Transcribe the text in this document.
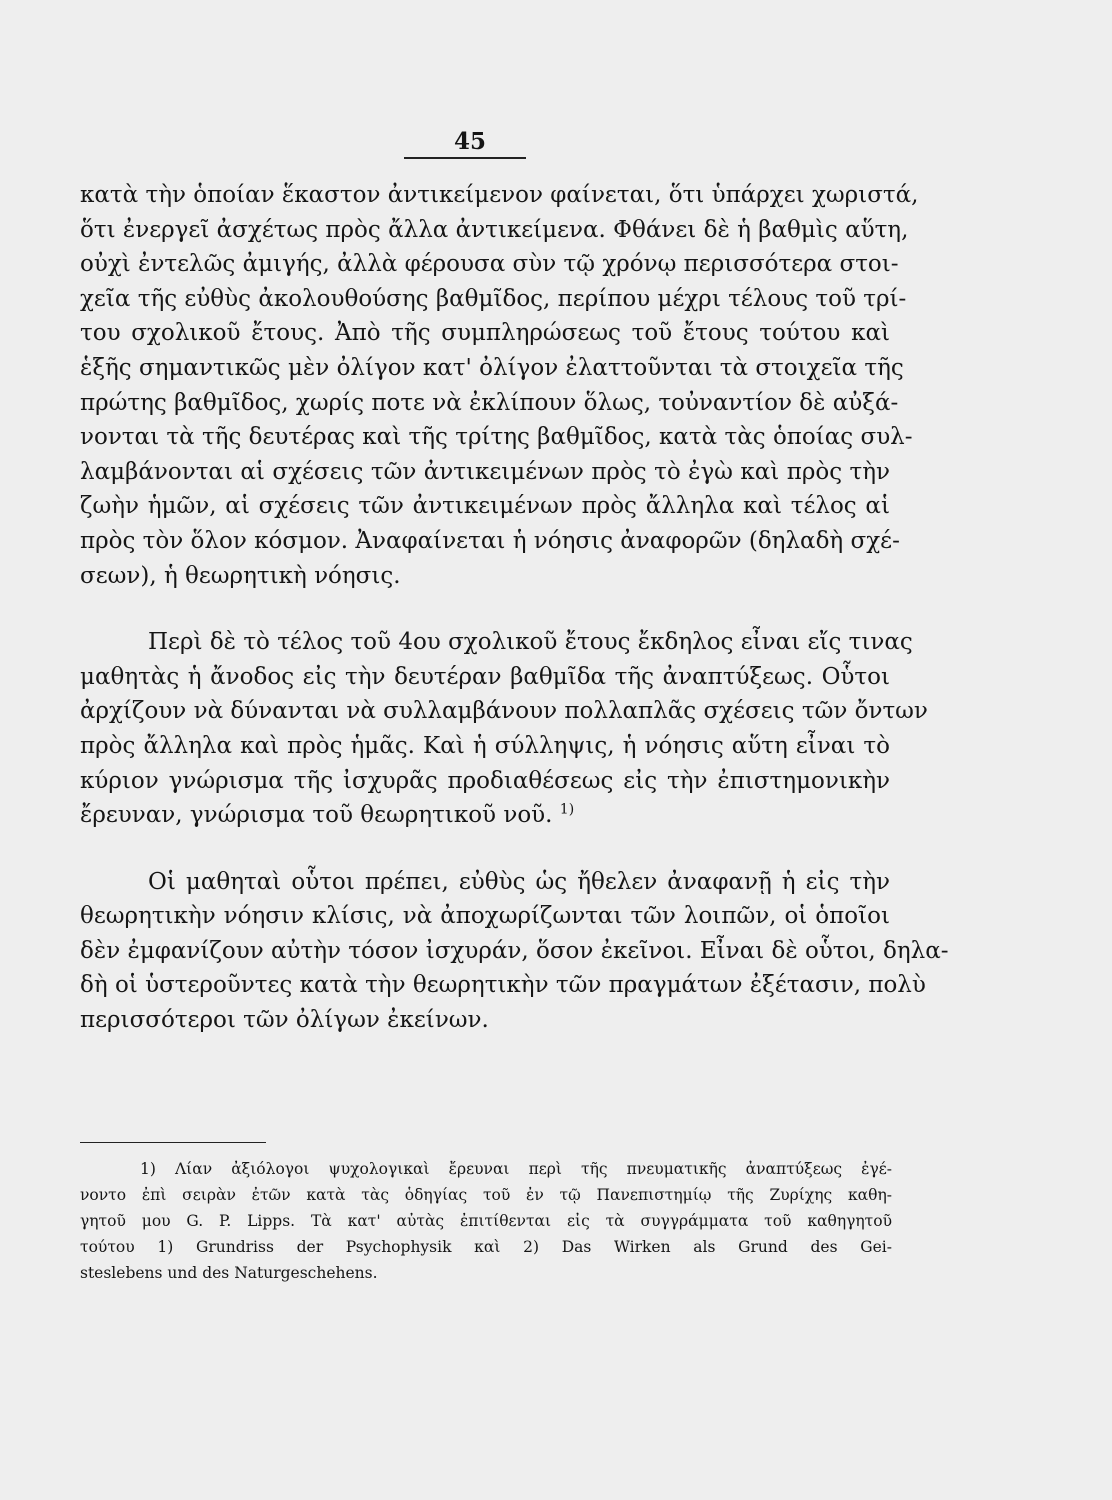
45
κατὰ τὴν ὁποίαν ἕκαστον ἀντικείμενον φαίνεται, ὅτι ὑπάρχει χωριστά,
ὅτι ἐνεργεῖ ἀσχέτως πρὸς ἄλλα ἀντικείμενα. Φθάνει δὲ ἡ βαθμὶς αὕτη,
οὐχὶ ἐντελῶς ἀμιγής, ἀλλὰ φέρουσα σὺν τῷ χρόνῳ περισσότερα στοι-
χεῖα τῆς εὐθὺς ἀκολουθούσης βαθμῖδος, περίπου μέχρι τέλους τοῦ τρί-
του σχολικοῦ ἔτους. Ἀπὸ τῆς συμπληρώσεως τοῦ ἔτους τούτου καὶ
ἑξῆς σημαντικῶς μὲν ὀλίγον κατ' ὀλίγον ἐλαττοῦνται τὰ στοιχεῖα τῆς
πρώτης βαθμῖδος, χωρίς ποτε νὰ ἐκλίπουν ὅλως, τοὐναντίον δὲ αὐξά-
νονται τὰ τῆς δευτέρας καὶ τῆς τρίτης βαθμῖδος, κατὰ τὰς ὁποίας συλ-
λαμβάνονται αἱ σχέσεις τῶν ἀντικειμένων πρὸς τὸ ἐγὼ καὶ πρὸς τὴν
ζωὴν ἡμῶν, αἱ σχέσεις τῶν ἀντικειμένων πρὸς ἄλληλα καὶ τέλος αἱ
πρὸς τὸν ὅλον κόσμον. Ἀναφαίνεται ἡ νόησις ἀναφορῶν (δηλαδὴ σχέ-
σεων), ἡ θεωρητικὴ νόησις.
Περὶ δὲ τὸ τέλος τοῦ 4ου σχολικοῦ ἔτους ἔκδηλος εἶναι εἴς τινας
μαθητὰς ἡ ἄνοδος εἰς τὴν δευτέραν βαθμῖδα τῆς ἀναπτύξεως. Οὗτοι
ἀρχίζουν νὰ δύνανται νὰ συλλαμβάνουν πολλαπλᾶς σχέσεις τῶν ὄντων
πρὸς ἄλληλα καὶ πρὸς ἡμᾶς. Καὶ ἡ σύλληψις, ἡ νόησις αὕτη εἶναι τὸ
κύριον γνώρισμα τῆς ἰσχυρᾶς προδιαθέσεως εἰς τὴν ἐπιστημονικὴν
ἔρευναν, γνώρισμα τοῦ θεωρητικοῦ νοῦ. $^{1)}$
Οἱ μαθηταὶ οὗτοι πρέπει, εὐθὺς ὡς ἤθελεν ἀναφανῇ ἡ εἰς τὴν
θεωρητικὴν νόησιν κλίσις, νὰ ἀποχωρίζωνται τῶν λοιπῶν, οἱ ὁποῖοι
δὲν ἐμφανίζουν αὐτὴν τόσον ἰσχυράν, ὅσον ἐκεῖνοι. Εἶναι δὲ οὗτοι, δηλα-
δὴ οἱ ὑστεροῦντες κατὰ τὴν θεωρητικὴν τῶν πραγμάτων ἐξέτασιν, πολὺ
περισσότεροι τῶν ὀλίγων ἐκείνων.
1) Λίαν ἀξιόλογοι ψυχολογικαὶ ἔρευναι περὶ τῆς πνευματικῆς ἀναπτύξεως ἐγέ-
νοντο ἐπὶ σειρὰν ἐτῶν κατὰ τὰς ὁδηγίας τοῦ ἐν τῷ Πανεπιστημίῳ τῆς Ζυρίχης καθη-
γητοῦ μου G. P. Lipps. Τὰ κατ' αὐτὰς ἐπιτίθενται εἰς τὰ συγγράμματα τοῦ καθηγητοῦ
τούτου 1) Grundriss der Psychophysik καὶ 2) Das Wirken als Grund des Gei-
steslebens und des Naturgeschehens.
